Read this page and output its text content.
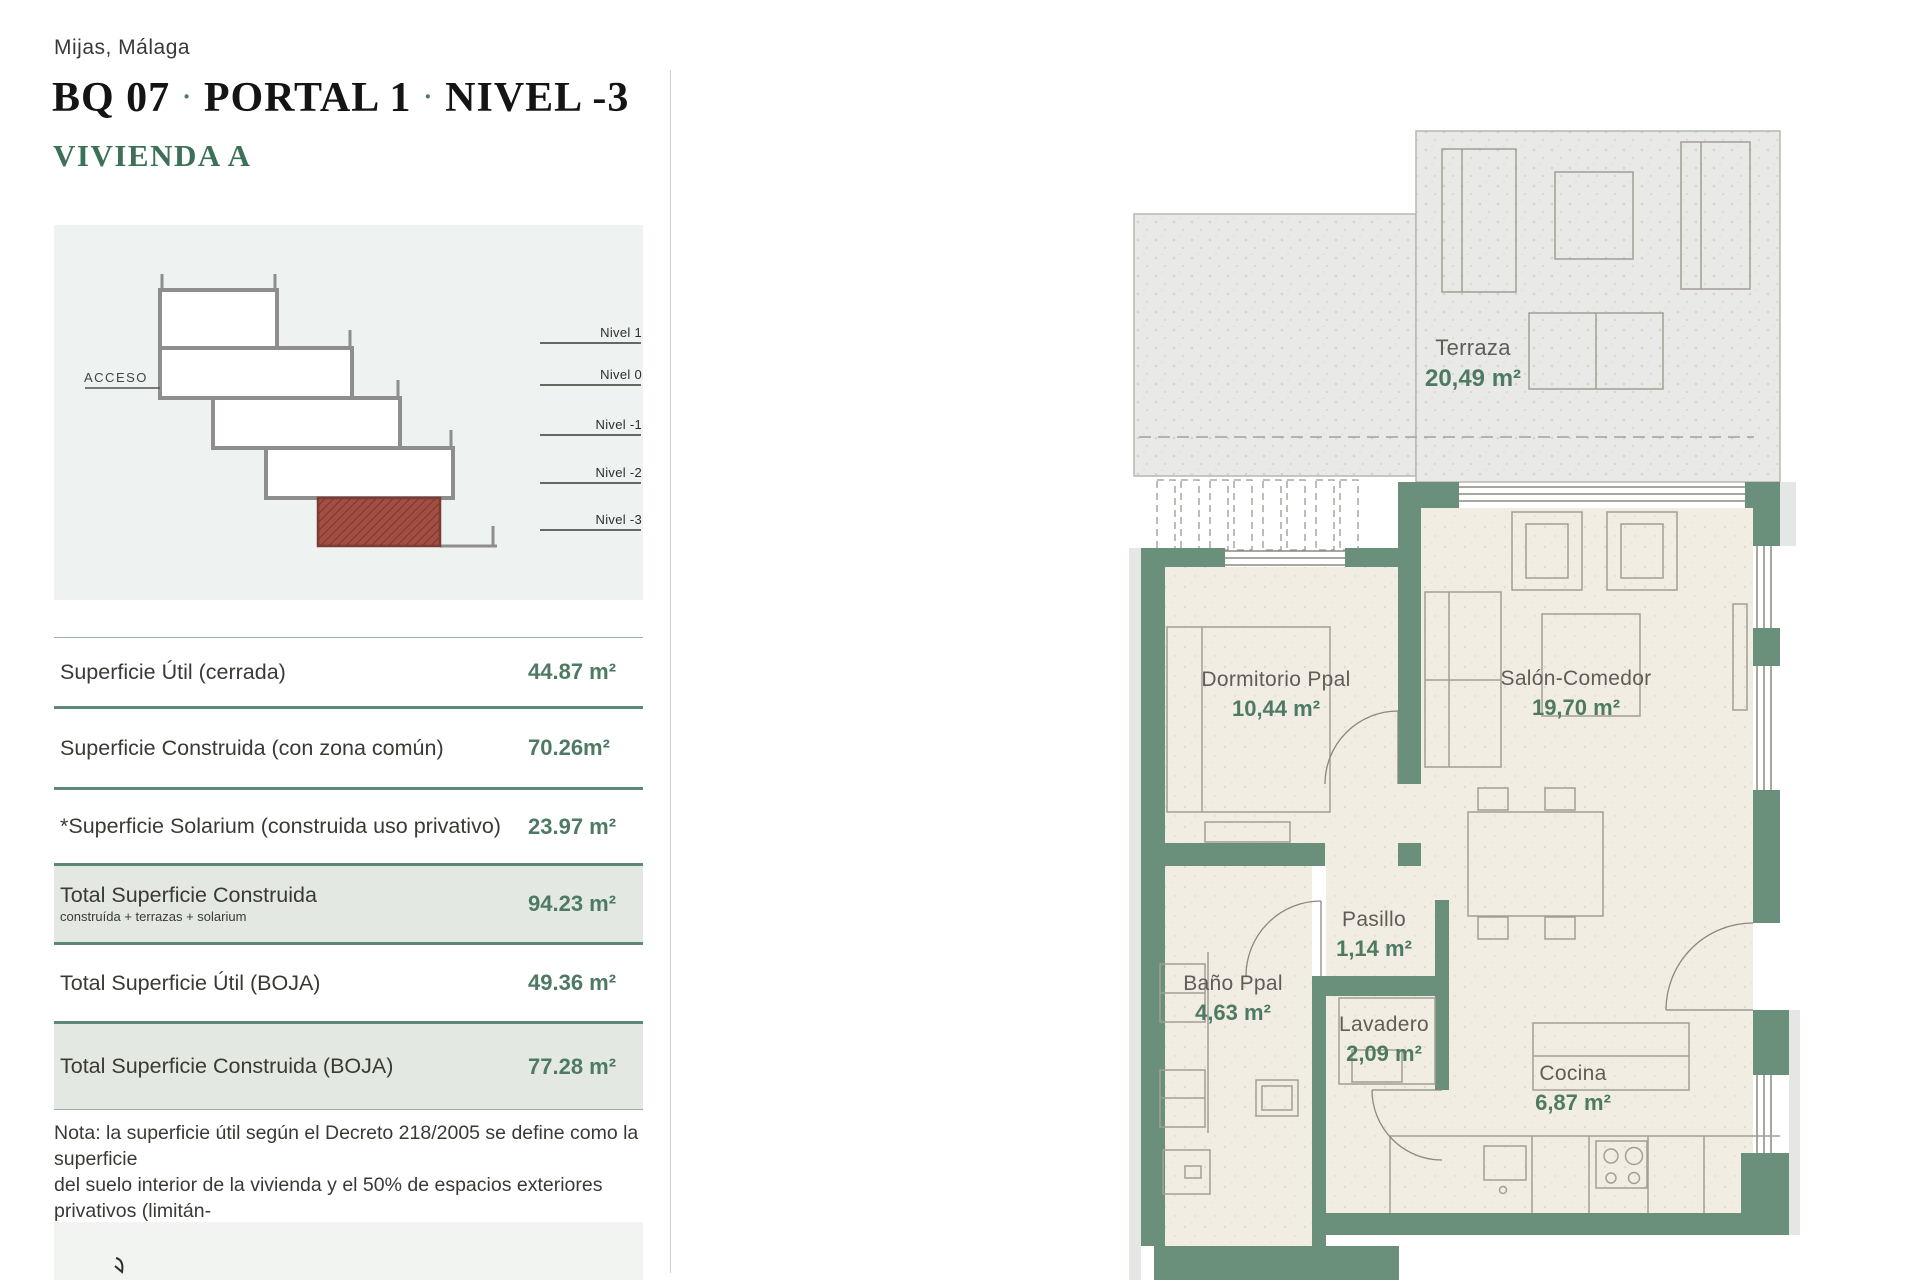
Mijas, Málaga
BQ 07 · PORTAL 1 · NIVEL -3
VIVIENDA A
ACCESO
Nivel 1
Nivel 0
Nivel -1
Nivel -2
Nivel -3
Superficie Útil (cerrada)	44.87 m²
Superficie Construida (con zona común)	70.26m²
*Superficie Solarium (construida uso privativo) 23.97 m²
Total Superficie Construida
construída + terrazas + solarium
94.23 m²
Total Superficie Útil (BOJA)	49.36 m²
Total Superficie Construida (BOJA)	77.28 m²
Nota: la superficie útil según el Decreto 218/2005 se define como la superficie
del suelo interior de la vivienda y el 50% de espacios exteriores privativos (limitán-
Terraza
20,49 m²
Dormitorio Ppal
10,44 m²
Salón-Comedor
19,70 m²
Pasillo
1,14 m²
Baño Ppal
4,63 m²	Lavadero
2,09 m²
Cocina
6,87 m²
